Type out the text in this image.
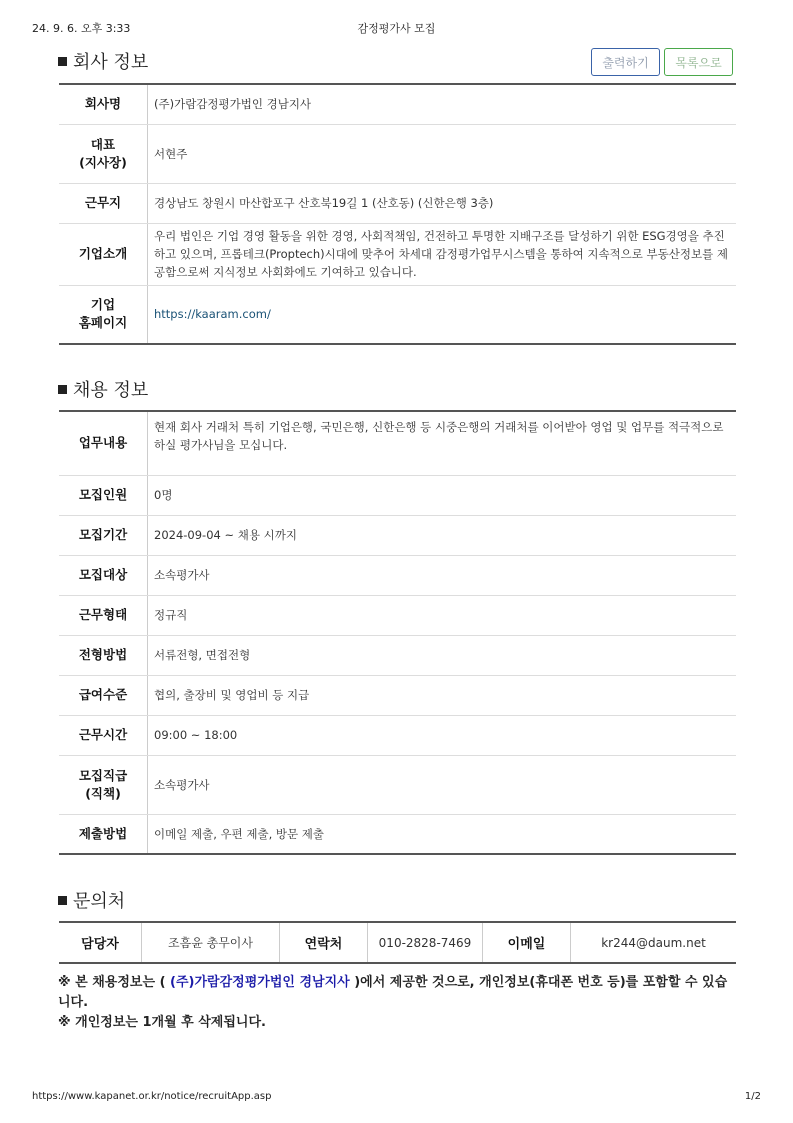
24. 9. 6. 오후 3:33	감정평가사 모집
회사 정보	출력하기	목록으로
회사명	(주)가람감정평가법인 경남지사
대표
(지사장)	서현주
근무지	경상남도 창원시 마산합포구 산호북19길 1 (산호동) (신한은행 3층)
기업소개	우리 법인은 기업 경영 활동을 위한 경영, 사회적책임, 건전하고 투명한 지배구조를 달성하기 위한 ESG경영을 추진하고 있으며, 프롭테크(Proptech)시대에 맞추어 차세대 감정평가업무시스템을 통하여 지속적으로 부동산정보를 제공함으로써 지식정보 사회화에도 기여하고 있습니다.
기업
홈페이지	https://kaaram.com/
채용 정보
업무내용	현재 회사 거래처 특히 기업은행, 국민은행, 신한은행 등 시중은행의 거래처를 이어받아 영업 및 업무를 적극적으로 하실 평가사님을 모십니다.
모집인원	0명
모집기간	2024-09-04 ~ 채용 시까지
모집대상	소속평가사
근무형태	정규직
전형방법	서류전형, 면접전형
급여수준	협의, 출장비 및 영업비 등 지급
근무시간	09:00 ~ 18:00
모집직급
(직책)	소속평가사
제출방법	이메일 제출, 우편 제출, 방문 제출
문의처
담당자	조흠윤 총무이사	연락처	010-2828-7469	이메일	kr244@daum.net
※ 본 채용정보는 ( (주)가람감정평가법인 경남지사 )에서 제공한 것으로, 개인정보(휴대폰 번호 등)를 포함할 수 있습니다.
※ 개인정보는 1개월 후 삭제됩니다.
https://www.kapanet.or.kr/notice/recruitApp.asp	1/2
